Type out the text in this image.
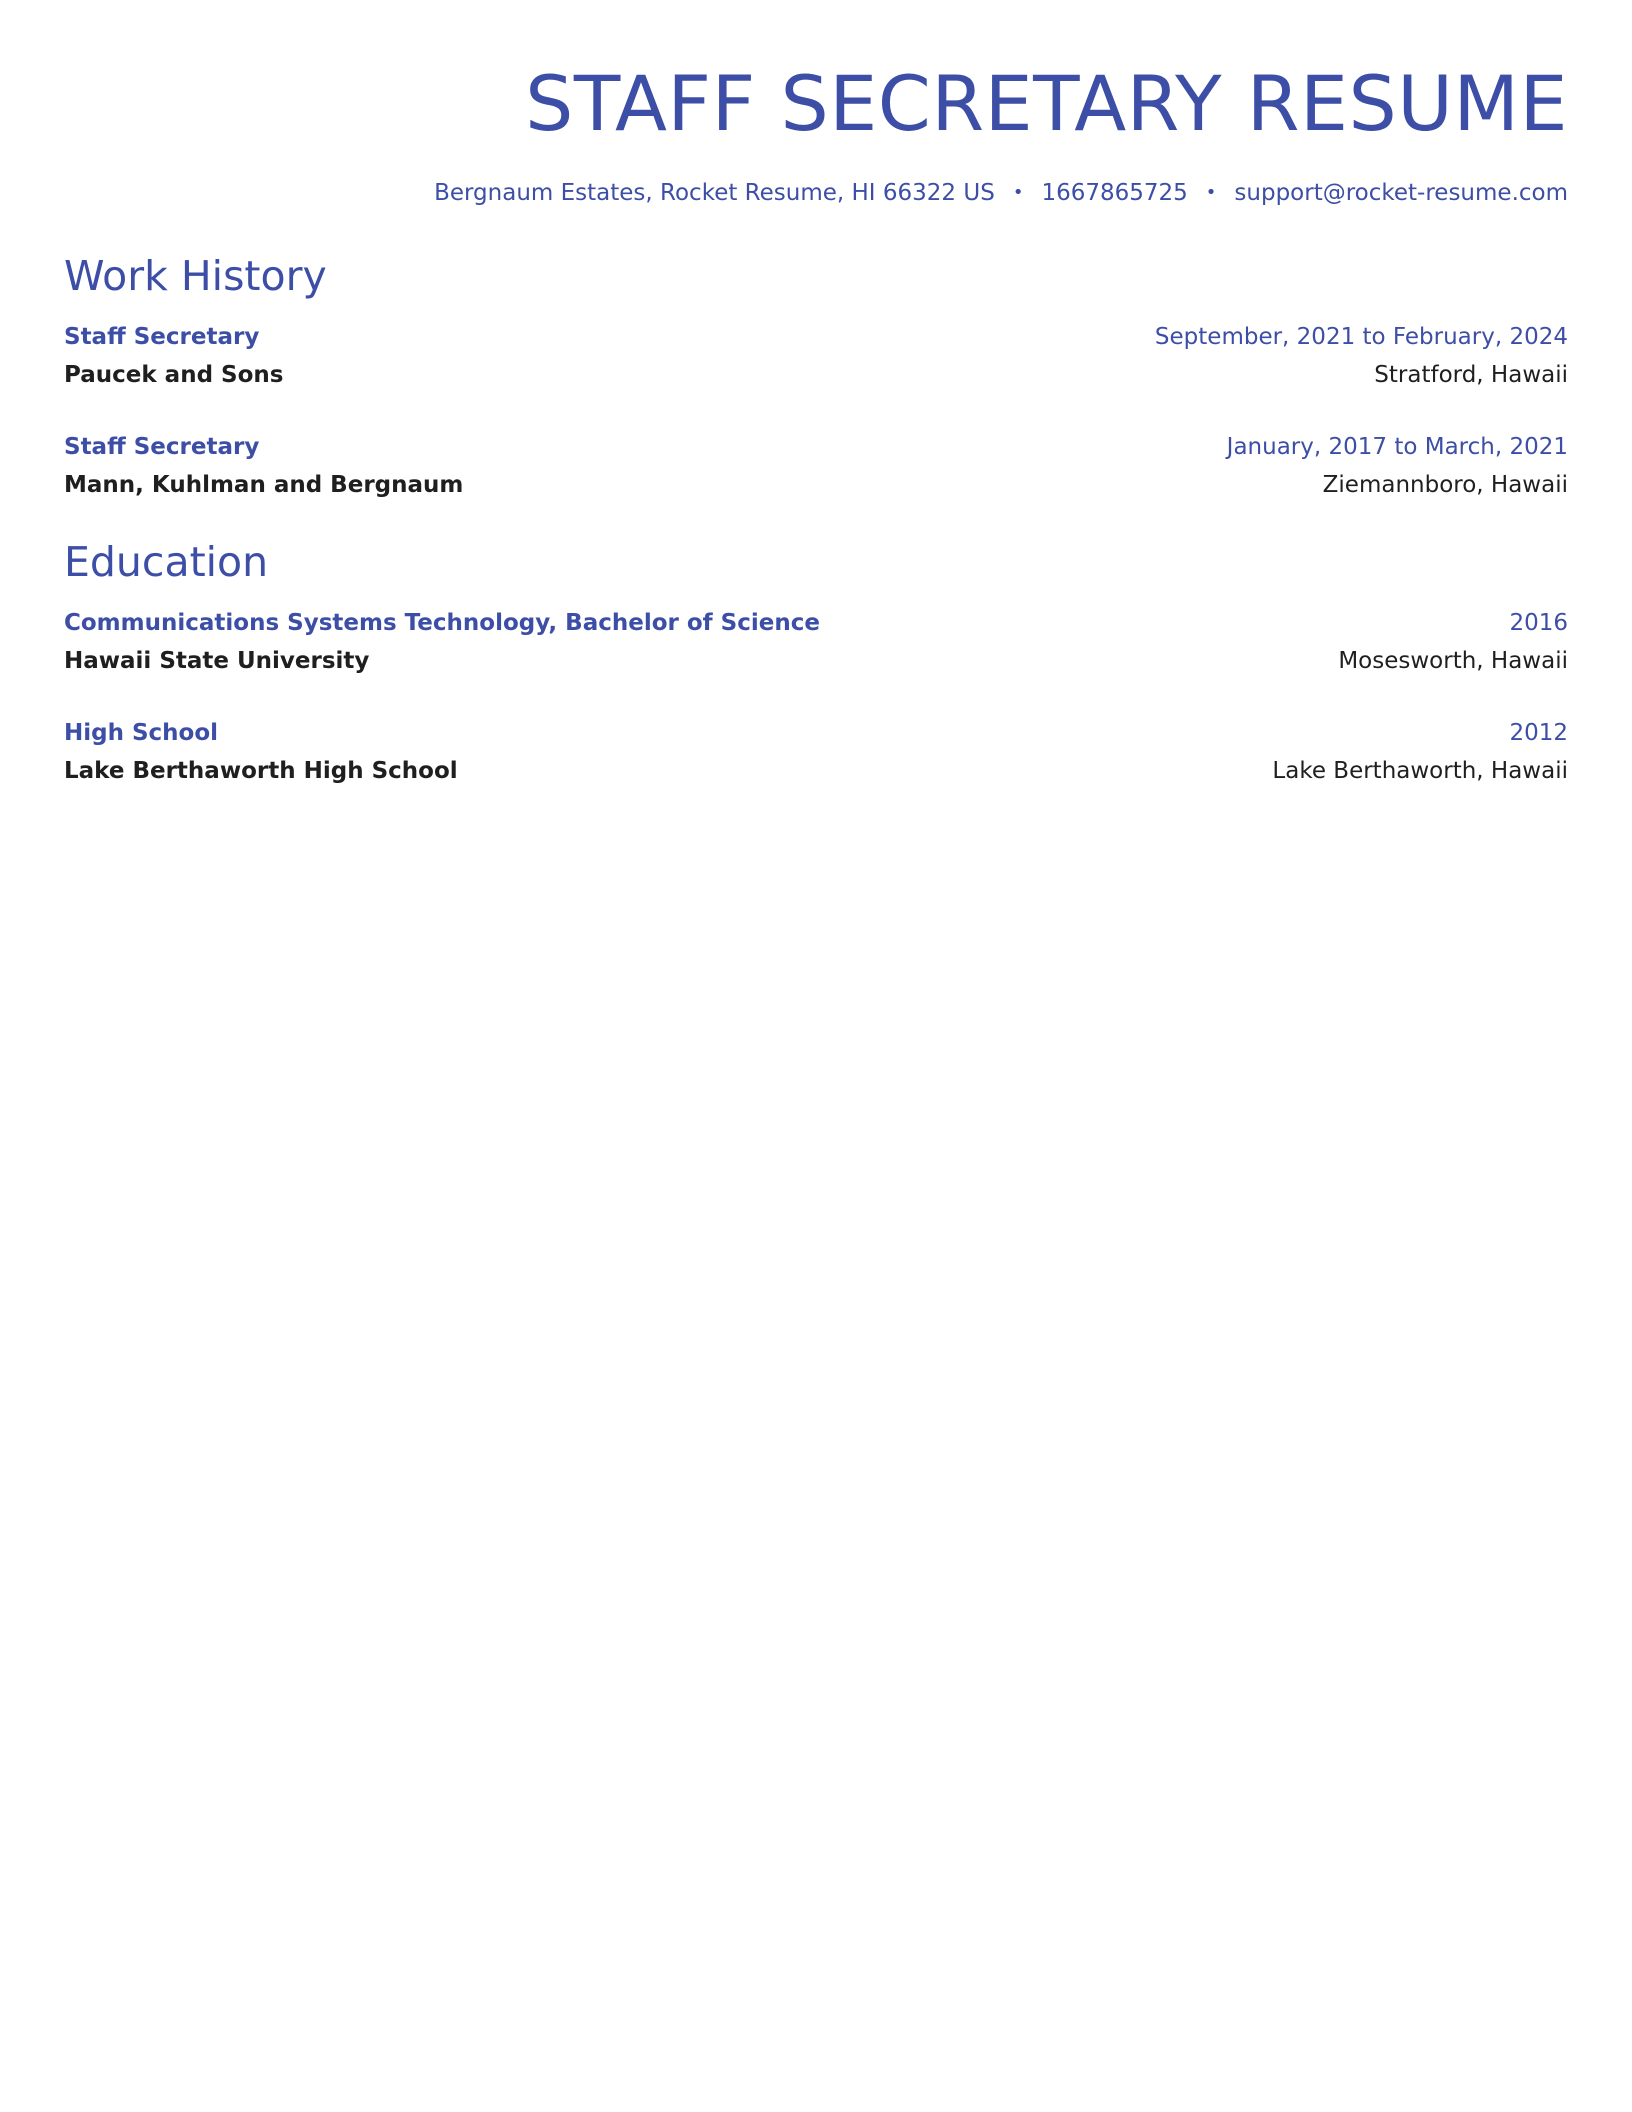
STAFF SECRETARY RESUME
Bergnaum Estates, Rocket Resume, HI 66322 US • 1667865725 • support@rocket-resume.com
Work History
Staff Secretary	September, 2021 to February, 2024
Paucek and Sons	Stratford, Hawaii
Staff Secretary	January, 2017 to March, 2021
Mann, Kuhlman and Bergnaum	Ziemannboro, Hawaii
Education
Communications Systems Technology, Bachelor of Science	2016
Hawaii State University	Mosesworth, Hawaii
High School	2012
Lake Berthaworth High School	Lake Berthaworth, Hawaii
